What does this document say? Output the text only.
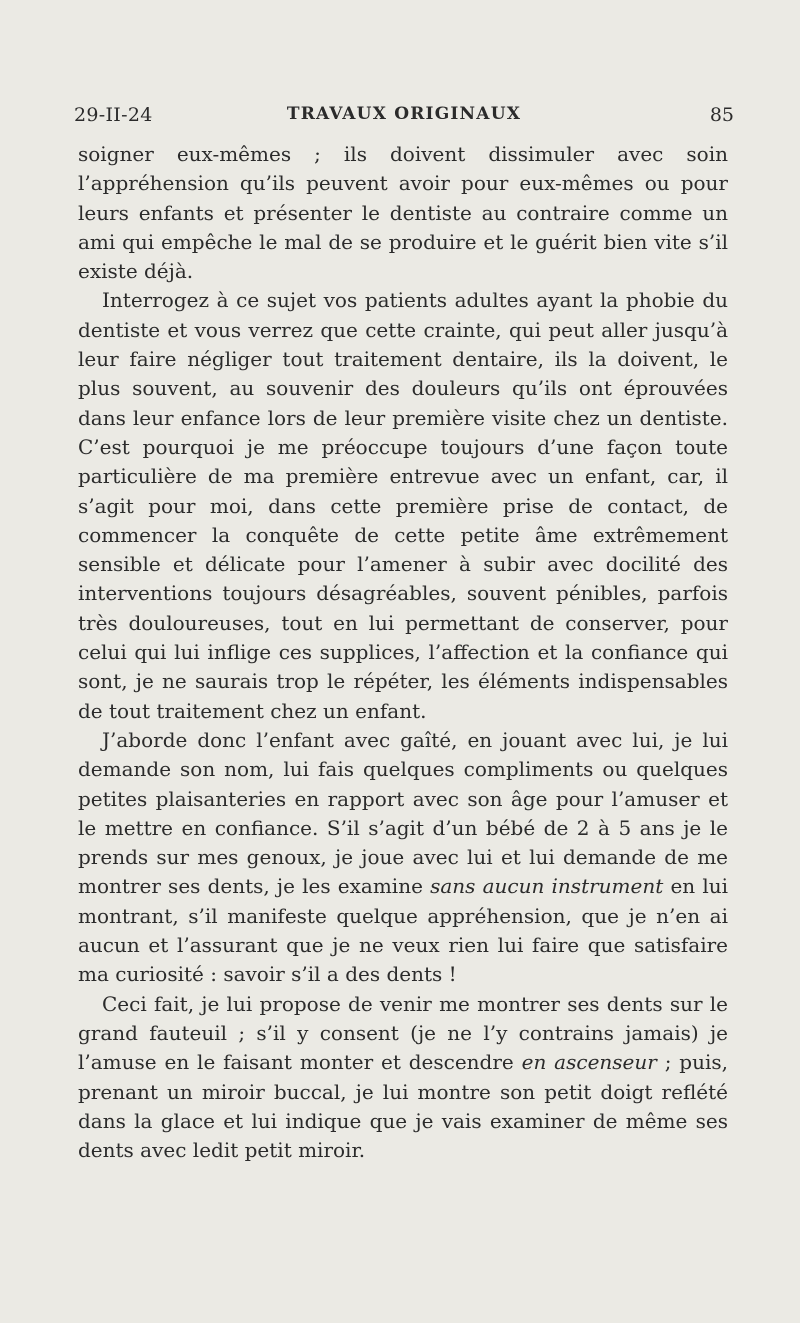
29-II-24	TRAVAUX ORIGINAUX	85

soigner eux-mêmes ; ils doivent dissimuler avec soin l’appréhension qu’ils peuvent avoir pour eux-mêmes ou pour leurs enfants et présenter le dentiste au contraire comme un ami qui empêche le mal de se produire et le guérit bien vite s’il existe déjà.

Interrogez à ce sujet vos patients adultes ayant la phobie du dentiste et vous verrez que cette crainte, qui peut aller jusqu’à leur faire négliger tout traitement dentaire, ils la doivent, le plus souvent, au souvenir des douleurs qu’ils ont éprouvées dans leur enfance lors de leur première visite chez un dentiste. C’est pourquoi je me préoccupe toujours d’une façon toute particulière de ma première entrevue avec un enfant, car, il s’agit pour moi, dans cette première prise de contact, de commencer la conquête de cette petite âme extrêmement sensible et délicate pour l’amener à subir avec docilité des interventions toujours désagréables, souvent pénibles, parfois très douloureuses, tout en lui permettant de conserver, pour celui qui lui inflige ces supplices, l’affection et la confiance qui sont, je ne saurais trop le répéter, les éléments indispensables de tout traitement chez un enfant.

J’aborde donc l’enfant avec gaîté, en jouant avec lui, je lui demande son nom, lui fais quelques compliments ou quelques petites plaisanteries en rapport avec son âge pour l’amuser et le mettre en confiance. S’il s’agit d’un bébé de 2 à 5 ans je le prends sur mes genoux, je joue avec lui et lui demande de me montrer ses dents, je les examine sans aucun instrument en lui montrant, s’il manifeste quelque appréhension, que je n’en ai aucun et l’assurant que je ne veux rien lui faire que satisfaire ma curiosité : savoir s’il a des dents !

Ceci fait, je lui propose de venir me montrer ses dents sur le grand fauteuil ; s’il y consent (je ne l’y contrains jamais) je l’amuse en le faisant monter et descendre en ascenseur ; puis, prenant un miroir buccal, je lui montre son petit doigt reflété dans la glace et lui indique que je vais examiner de même ses dents avec ledit petit miroir.
